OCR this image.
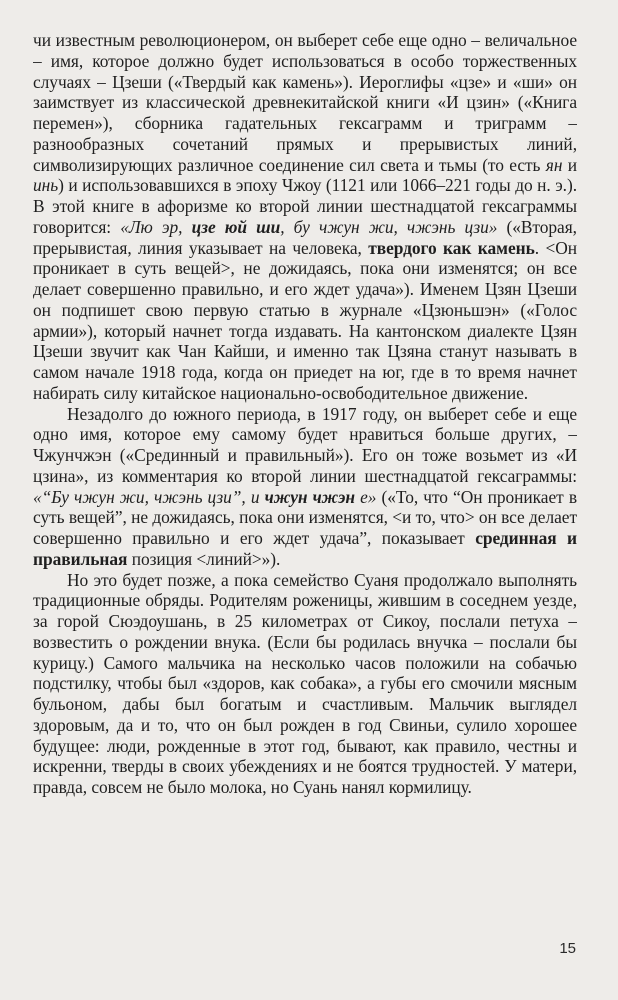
чи известным революционером, он выберет себе еще одно – величальное – имя, которое должно будет использоваться в особо торжественных случаях – Цзеши («Твердый как камень»). Иероглифы «цзе» и «ши» он заимствует из классической древнекитайской книги «И цзин» («Книга перемен»), сборника гадательных гексаграмм и триграмм – разнообразных сочетаний прямых и прерывистых линий, символизирующих различное соединение сил света и тьмы (то есть ян и инь) и использовавшихся в эпоху Чжоу (1121 или 1066–221 годы до н. э.). В этой книге в афоризме ко второй линии шестнадцатой гексаграммы говорится: «Лю эр, цзе юй ши, бу чжун жи, чжэнь цзи» («Вторая, прерывистая, линия указывает на человека, твердого как камень. <Он проникает в суть вещей>, не дожидаясь, пока они изменятся; он все делает совершенно правильно, и его ждет удача»). Именем Цзян Цзеши он подпишет свою первую статью в журнале «Цзюньшэн» («Голос армии»), который начнет тогда издавать. На кантонском диалекте Цзян Цзеши звучит как Чан Кайши, и именно так Цзяна станут называть в самом начале 1918 года, когда он приедет на юг, где в то время начнет набирать силу китайское национально-освободительное движение.

Незадолго до южного периода, в 1917 году, он выберет себе и еще одно имя, которое ему самому будет нравиться больше других, – Чжунчжэн («Срединный и правильный»). Его он тоже возьмет из «И цзина», из комментария ко второй линии шестнадцатой гексаграммы: «“Бу чжун жи, чжэнь цзи”, и чжун чжэн е» («То, что “Он проникает в суть вещей”, не дожидаясь, пока они изменятся, <и то, что> он все делает совершенно правильно и его ждет удача”, показывает срединная и правильная позиция <линий>»).

Но это будет позже, а пока семейство Суаня продолжало выполнять традиционные обряды. Родителям роженицы, жившим в соседнем уезде, за горой Сюэдоушань, в 25 километрах от Сикоу, послали петуха – возвестить о рождении внука. (Если бы родилась внучка – послали бы курицу.) Самого мальчика на несколько часов положили на собачью подстилку, чтобы был «здоров, как собака», а губы его смочили мясным бульоном, дабы был богатым и счастливым. Мальчик выглядел здоровым, да и то, что он был рожден в год Свиньи, сулило хорошее будущее: люди, рожденные в этот год, бывают, как правило, честны и искренни, тверды в своих убеждениях и не боятся трудностей. У матери, правда, совсем не было молока, но Суань нанял кормилицу.

15
